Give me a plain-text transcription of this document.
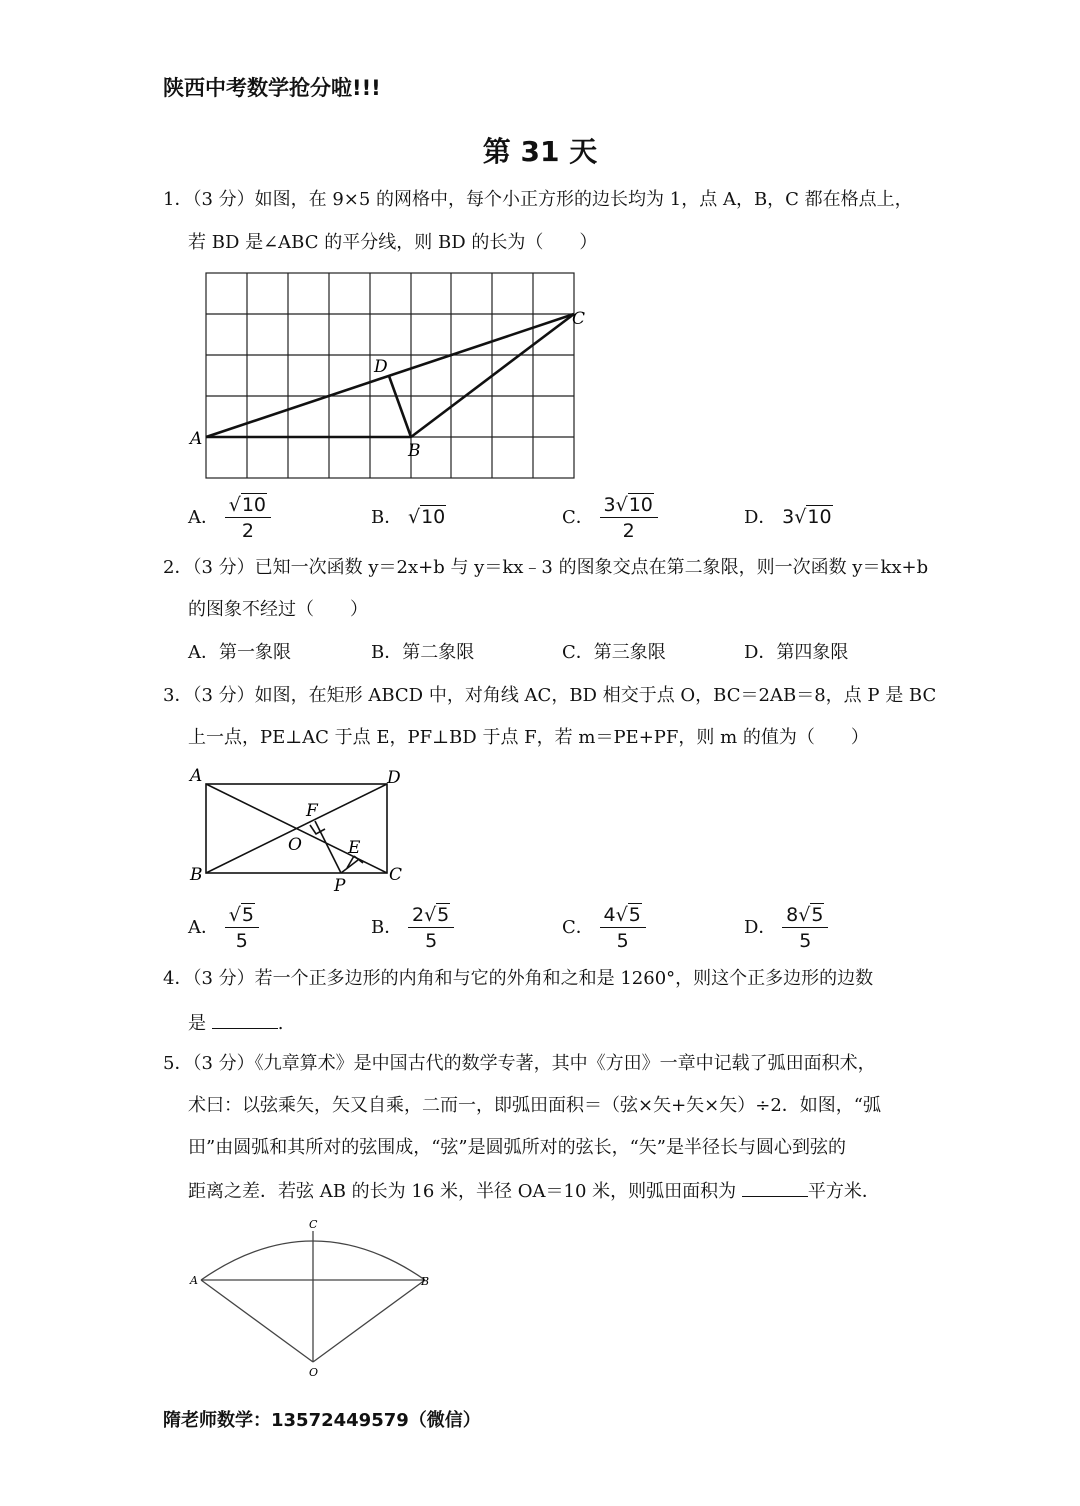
陕西中考数学抢分啦!!!
第 31 天
1．（3 分）如图，在 9×5 的网格中，每个小正方形的边长均为 1，点 A，B，C 都在格点上，
若 BD 是∠ABC 的平分线，则 BD 的长为（　　）
A
B
C
D
A． $\frac{√10}{2}$	B． √10	C． $\frac{3√10}{2}$	D． 3√10
2．（3 分）已知一次函数 y＝2x+b 与 y＝kx﹣3 的图象交点在第二象限，则一次函数 y＝kx+b
的图象不经过（　　）
A．第一象限	B．第二象限	C．第三象限	D．第四象限
3．（3 分）如图，在矩形 ABCD 中，对角线 AC，BD 相交于点 O，BC＝2AB＝8，点 P 是 BC
上一点，PE⊥AC 于点 E，PF⊥BD 于点 F，若 m＝PE+PF，则 m 的值为（　　）
A	D
B	C
F
O	E
P
A． $\frac{√5}{5}$	B． $\frac{2√5}{5}$	C． $\frac{4√5}{5}$	D． $\frac{8√5}{5}$
4．（3 分）若一个正多边形的内角和与它的外角和之和是 1260°，则这个正多边形的边数
是	.
5．（3 分）《九章算术》是中国古代的数学专著，其中《方田》一章中记载了弧田面积术，
术曰：以弦乘矢，矢又自乘，二而一，即弧田面积＝（弦×矢+矢×矢）÷2．如图，“弧
田”由圆弧和其所对的弦围成，“弦”是圆弧所对的弦长，“矢”是半径长与圆心到弦的
距离之差．若弦 AB 的长为 16 米，半径 OA＝10 米，则弧田面积为	平方米．
A	B
C
O
隋老师数学：13572449579（微信）
